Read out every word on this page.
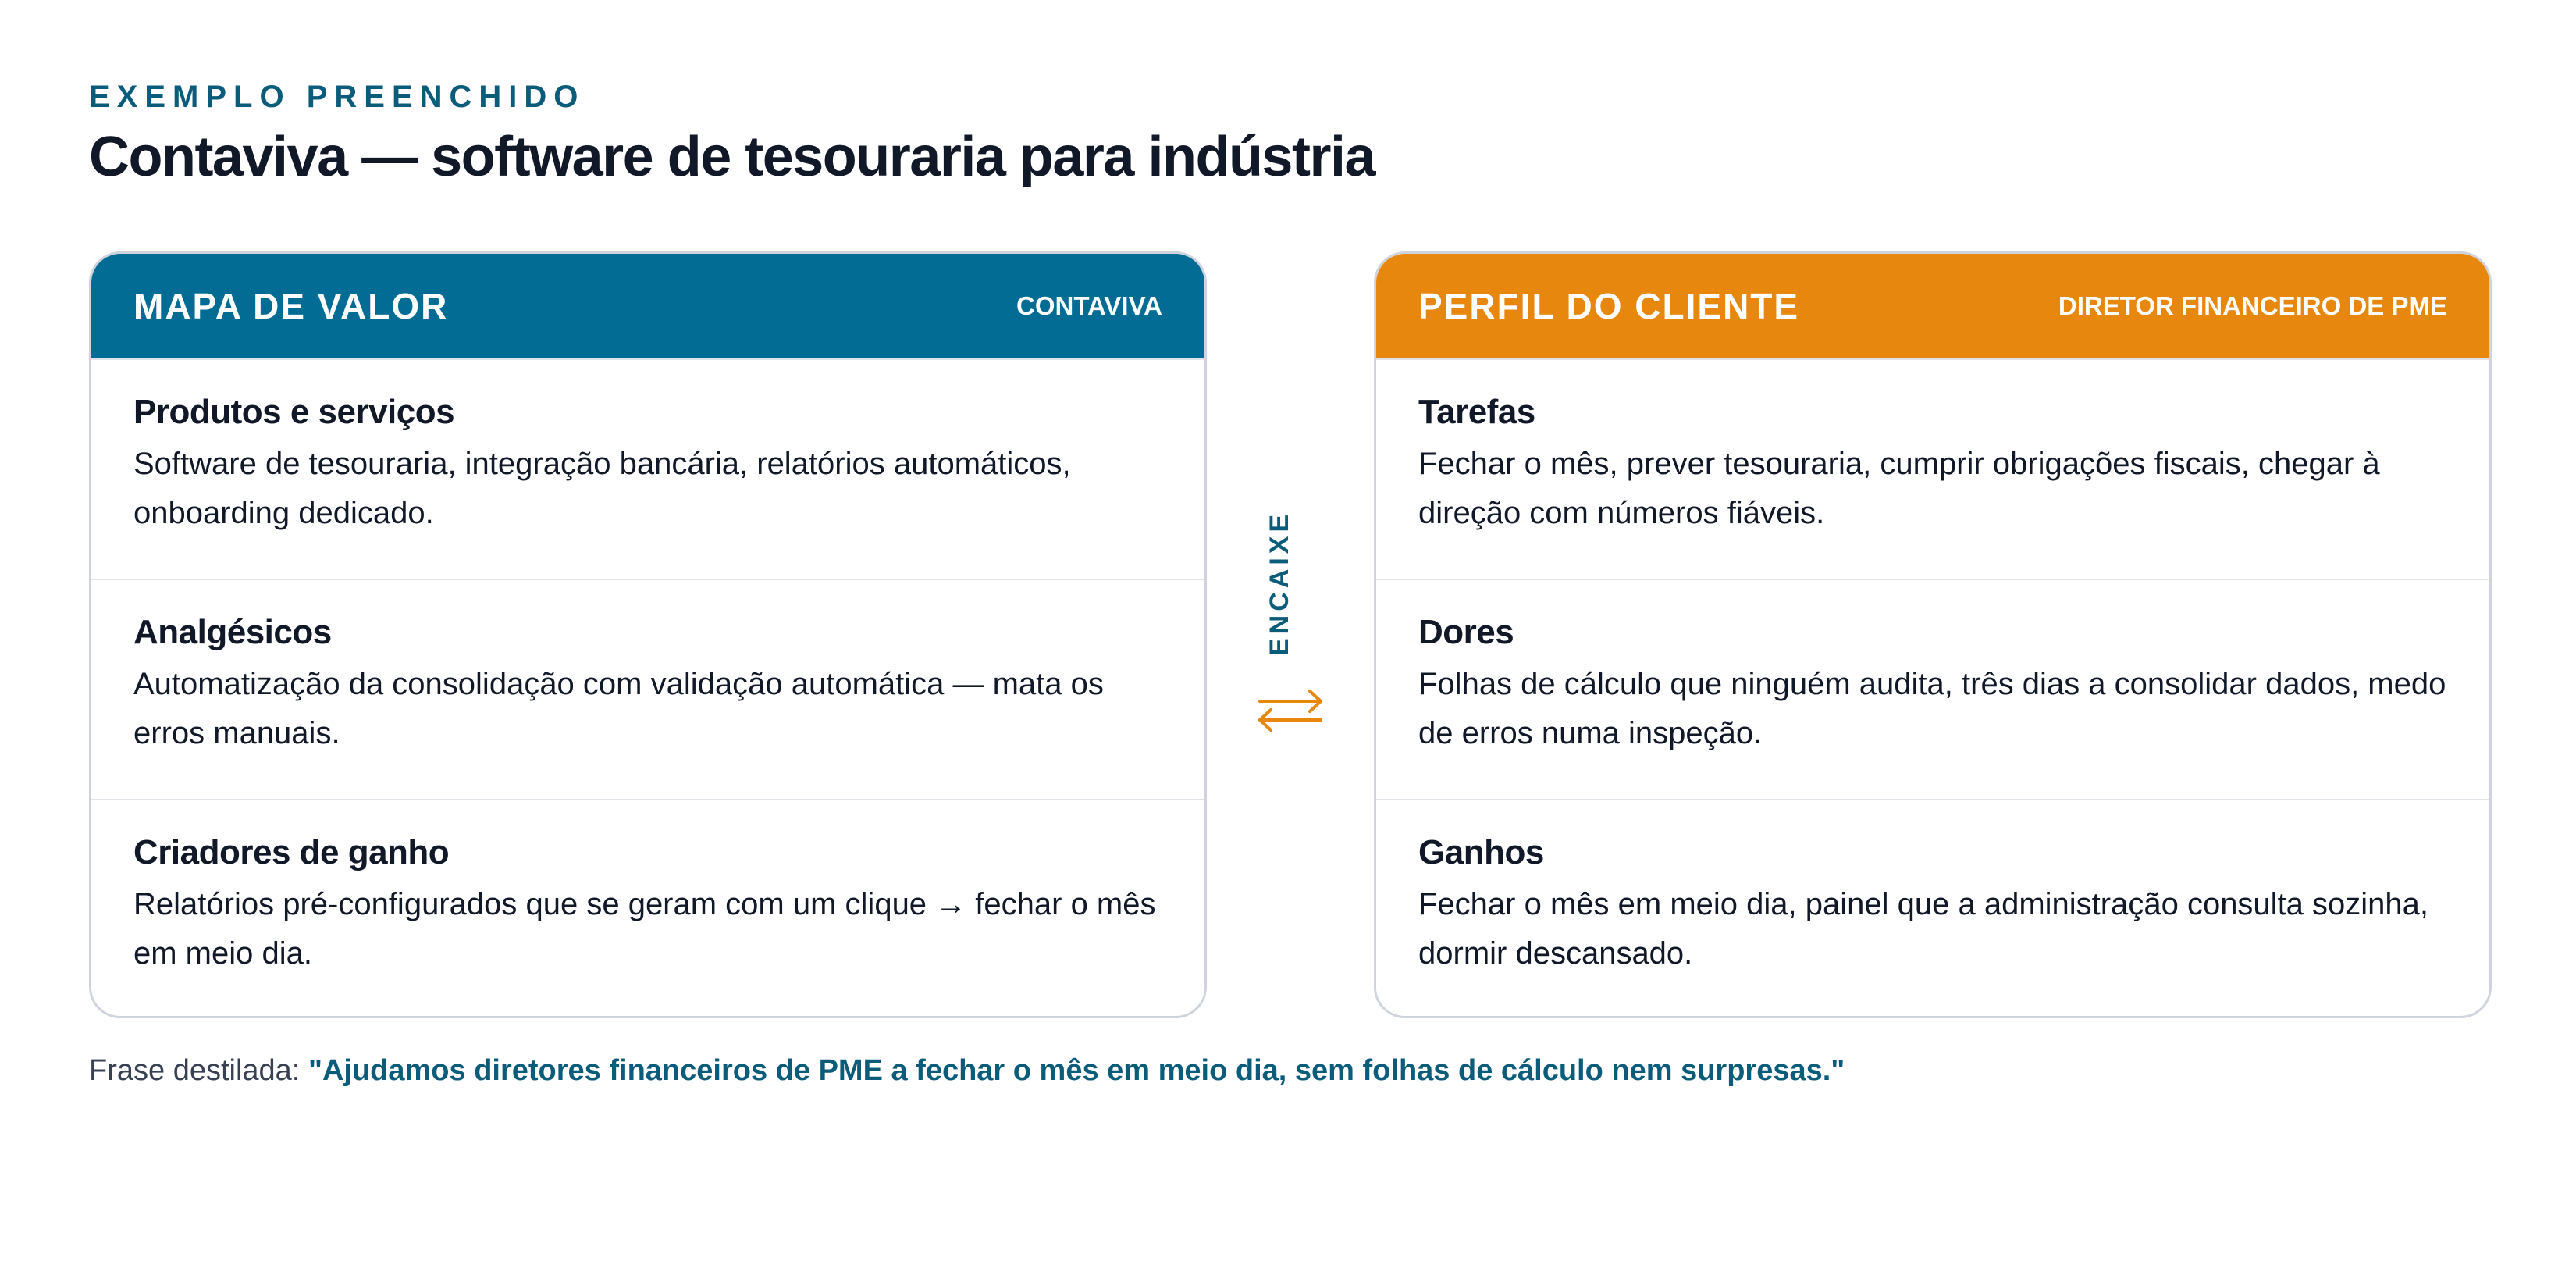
EXEMPLO PREENCHIDO
Contaviva — software de tesouraria para indústria
MAPA DE VALOR	CONTAVIVA
Produtos e serviços
Software de tesouraria, integração bancária, relatórios automáticos, onboarding dedicado.
Analgésicos
Automatização da consolidação com validação automática — mata os erros manuais.
Criadores de ganho
Relatórios pré-configurados que se geram com um clique → fechar o mês em meio dia.
ENCAIXE
PERFIL DO CLIENTE	DIRETOR FINANCEIRO DE PME
Tarefas
Fechar o mês, prever tesouraria, cumprir obrigações fiscais, chegar à direção com números fiáveis.
Dores
Folhas de cálculo que ninguém audita, três dias a consolidar dados, medo de erros numa inspeção.
Ganhos
Fechar o mês em meio dia, painel que a administração consulta sozinha, dormir descansado.
Frase destilada: "Ajudamos diretores financeiros de PME a fechar o mês em meio dia, sem folhas de cálculo nem surpresas."
